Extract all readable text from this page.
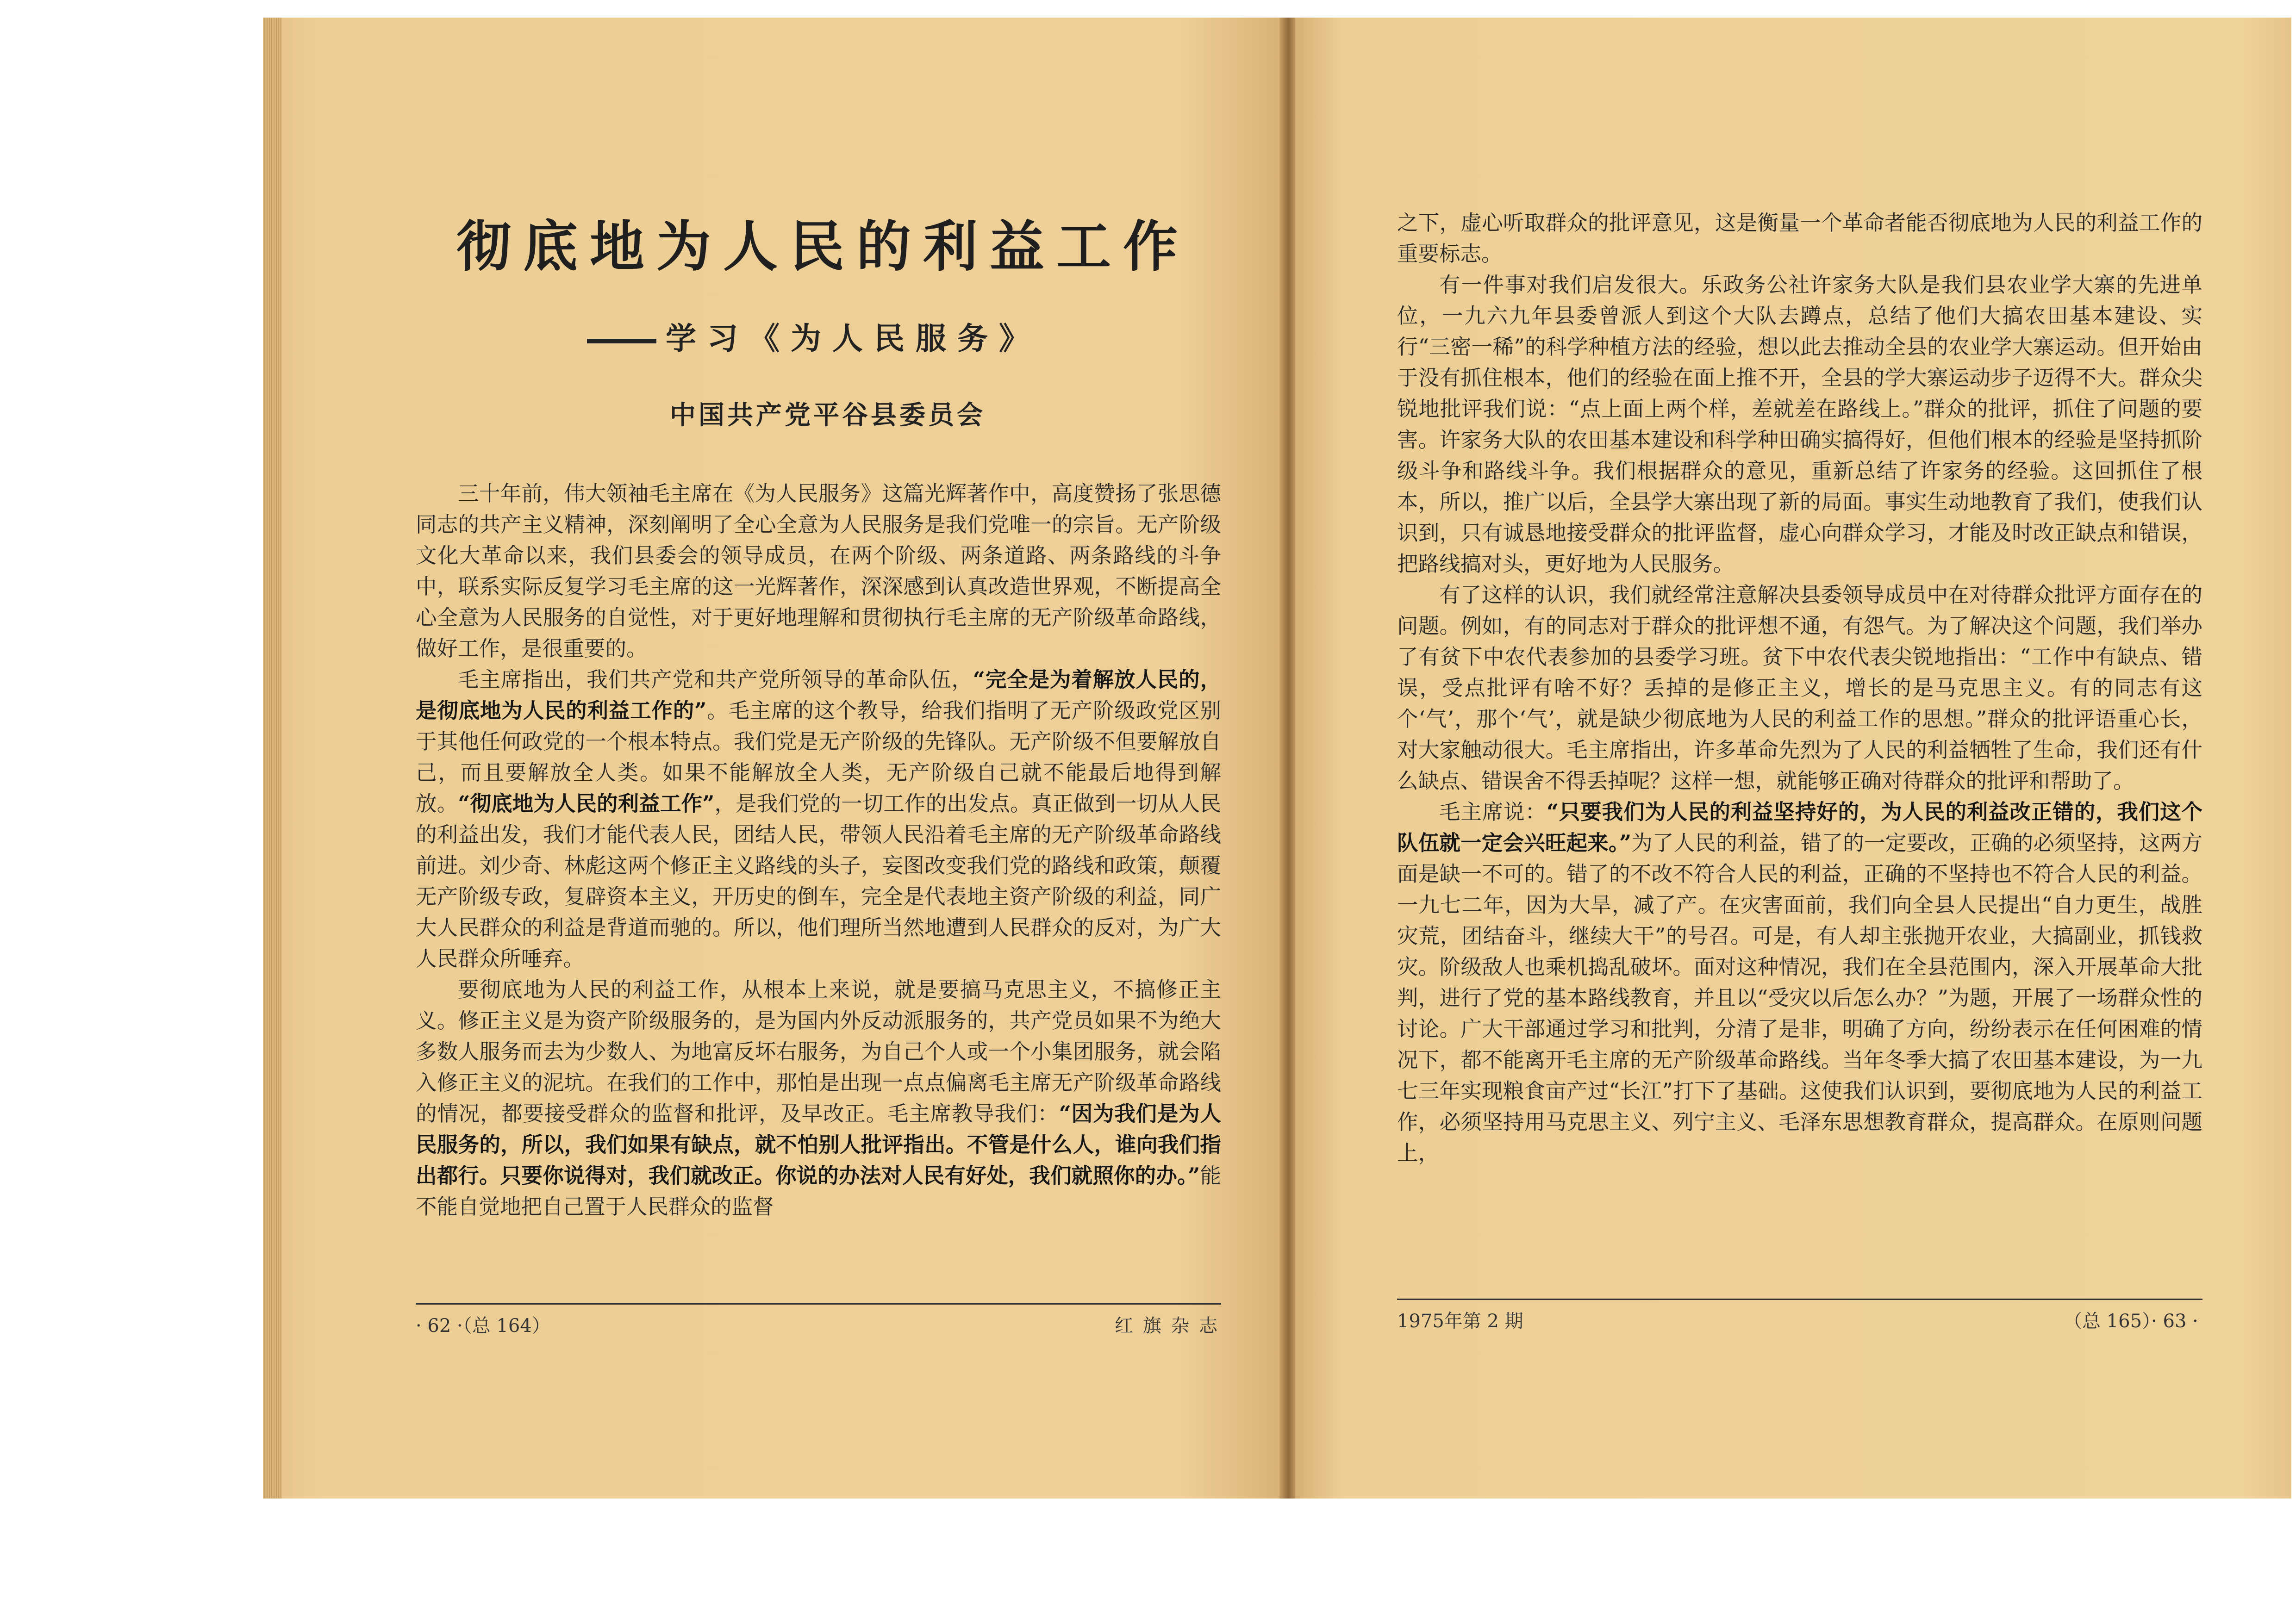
彻底地为人民的利益工作
学习《为人民服务》
中国共产党平谷县委员会

三十年前，伟大领袖毛主席在《为人民服务》这篇光辉著作中，高度赞扬了张思德同志的共产主义精神，深刻阐明了全心全意为人民服务是我们党唯一的宗旨。无产阶级文化大革命以来，我们县委会的领导成员，在两个阶级、两条道路、两条路线的斗争中，联系实际反复学习毛主席的这一光辉著作，深深感到认真改造世界观，不断提高全心全意为人民服务的自觉性，对于更好地理解和贯彻执行毛主席的无产阶级革命路线，做好工作，是很重要的。

毛主席指出，我们共产党和共产党所领导的革命队伍，“完全是为着解放人民的，是彻底地为人民的利益工作的”。毛主席的这个教导，给我们指明了无产阶级政党区别于其他任何政党的一个根本特点。我们党是无产阶级的先锋队。无产阶级不但要解放自己，而且要解放全人类。如果不能解放全人类，无产阶级自己就不能最后地得到解放。“彻底地为人民的利益工作”，是我们党的一切工作的出发点。真正做到一切从人民的利益出发，我们才能代表人民，团结人民，带领人民沿着毛主席的无产阶级革命路线前进。刘少奇、林彪这两个修正主义路线的头子，妄图改变我们党的路线和政策，颠覆无产阶级专政，复辟资本主义，开历史的倒车，完全是代表地主资产阶级的利益，同广大人民群众的利益是背道而驰的。所以，他们理所当然地遭到人民群众的反对，为广大人民群众所唾弃。

要彻底地为人民的利益工作，从根本上来说，就是要搞马克思主义，不搞修正主义。修正主义是为资产阶级服务的，是为国内外反动派服务的，共产党员如果不为绝大多数人服务而去为少数人、为地富反坏右服务，为自己个人或一个小集团服务，就会陷入修正主义的泥坑。在我们的工作中，那怕是出现一点点偏离毛主席无产阶级革命路线的情况，都要接受群众的监督和批评，及早改正。毛主席教导我们：“因为我们是为人民服务的，所以，我们如果有缺点，就不怕别人批评指出。不管是什么人，谁向我们指出都行。只要你说得对，我们就改正。你说的办法对人民有好处，我们就照你的办。”能不能自觉地把自己置于人民群众的监督

· 62 ·（总 164）	红 旗 杂 志

之下，虚心听取群众的批评意见，这是衡量一个革命者能否彻底地为人民的利益工作的重要标志。

有一件事对我们启发很大。乐政务公社许家务大队是我们县农业学大寨的先进单位，一九六九年县委曾派人到这个大队去蹲点，总结了他们大搞农田基本建设、实行“三密一稀”的科学种植方法的经验，想以此去推动全县的农业学大寨运动。但开始由于没有抓住根本，他们的经验在面上推不开，全县的学大寨运动步子迈得不大。群众尖锐地批评我们说：“点上面上两个样，差就差在路线上。”群众的批评，抓住了问题的要害。许家务大队的农田基本建设和科学种田确实搞得好，但他们根本的经验是坚持抓阶级斗争和路线斗争。我们根据群众的意见，重新总结了许家务的经验。这回抓住了根本，所以，推广以后，全县学大寨出现了新的局面。事实生动地教育了我们，使我们认识到，只有诚恳地接受群众的批评监督，虚心向群众学习，才能及时改正缺点和错误，把路线搞对头，更好地为人民服务。

有了这样的认识，我们就经常注意解决县委领导成员中在对待群众批评方面存在的问题。例如，有的同志对于群众的批评想不通，有怨气。为了解决这个问题，我们举办了有贫下中农代表参加的县委学习班。贫下中农代表尖锐地指出：“工作中有缺点、错误，受点批评有啥不好？丢掉的是修正主义，增长的是马克思主义。有的同志有这个‘气’，那个‘气’，就是缺少彻底地为人民的利益工作的思想。”群众的批评语重心长，对大家触动很大。毛主席指出，许多革命先烈为了人民的利益牺牲了生命，我们还有什么缺点、错误舍不得丢掉呢？这样一想，就能够正确对待群众的批评和帮助了。

毛主席说：“只要我们为人民的利益坚持好的，为人民的利益改正错的，我们这个队伍就一定会兴旺起来。”为了人民的利益，错了的一定要改，正确的必须坚持，这两方面是缺一不可的。错了的不改不符合人民的利益，正确的不坚持也不符合人民的利益。一九七二年，因为大旱，减了产。在灾害面前，我们向全县人民提出“自力更生，战胜灾荒，团结奋斗，继续大干”的号召。可是，有人却主张抛开农业，大搞副业，抓钱救灾。阶级敌人也乘机捣乱破坏。面对这种情况，我们在全县范围内，深入开展革命大批判，进行了党的基本路线教育，并且以“受灾以后怎么办？”为题，开展了一场群众性的讨论。广大干部通过学习和批判，分清了是非，明确了方向，纷纷表示在任何困难的情况下，都不能离开毛主席的无产阶级革命路线。当年冬季大搞了农田基本建设，为一九七三年实现粮食亩产过“长江”打下了基础。这使我们认识到，要彻底地为人民的利益工作，必须坚持用马克思主义、列宁主义、毛泽东思想教育群众，提高群众。在原则问题上，

1975年第 2 期	（总 165）· 63 ·
